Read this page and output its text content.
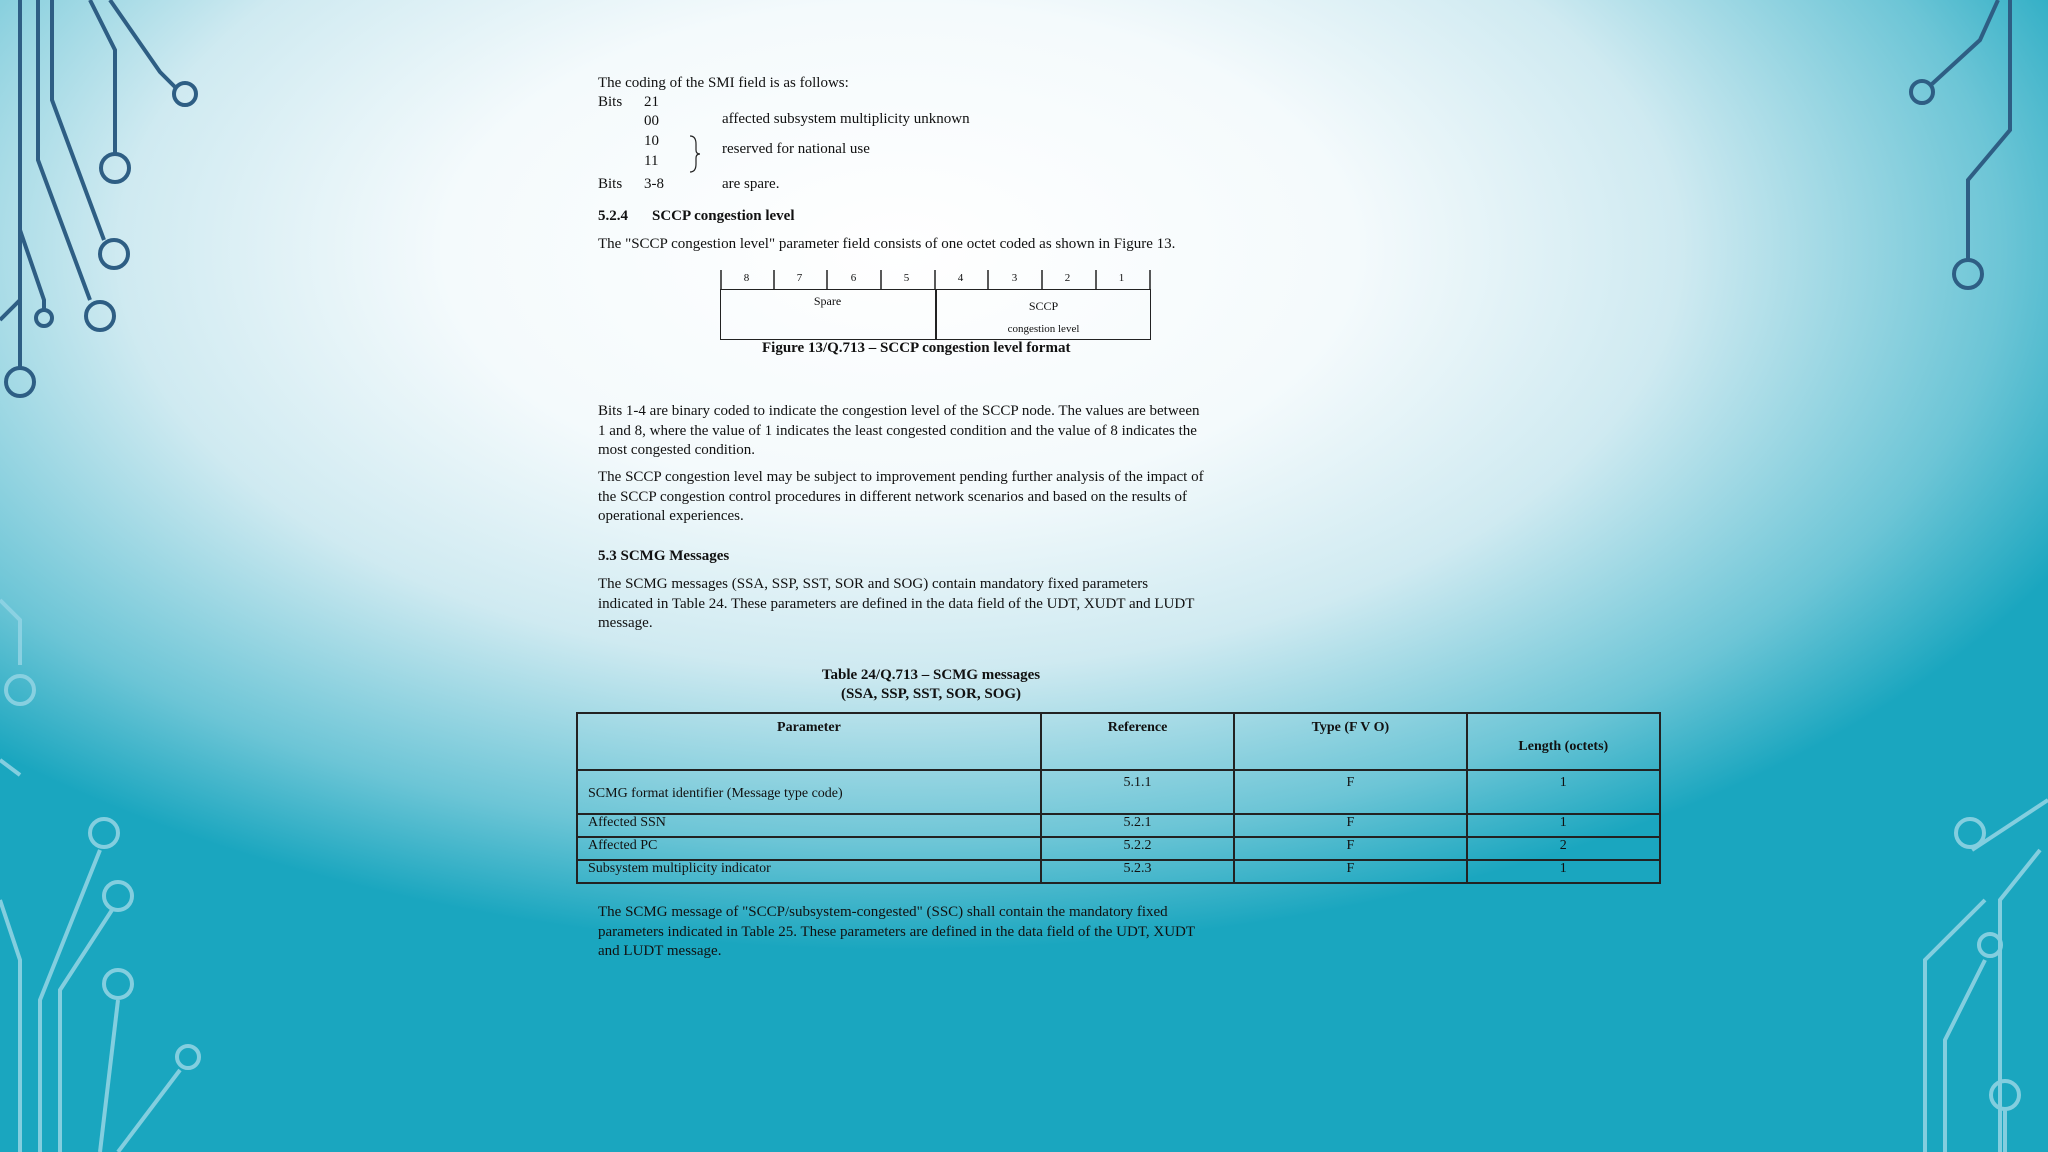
The coding of the SMI field is as follows:
Bits 21
00	affected subsystem multiplicity unknown
10
11
reserved for national use
Bits 3-8	are spare.
5.2.4 SCCP congestion level
The "SCCP congestion level" parameter field consists of one octet coded as shown in Figure 13.
8	7	6	5	4	3	2	1
Spare	SCCP
congestion level
Figure 13/Q.713 – SCCP congestion level format
Bits 1-4 are binary coded to indicate the congestion level of the SCCP node. The values are between
1 and 8, where the value of 1 indicates the least congested condition and the value of 8 indicates the
most congested condition.
The SCCP congestion level may be subject to improvement pending further analysis of the impact of
the SCCP congestion control procedures in different network scenarios and based on the results of
operational experiences.
5.3 SCMG Messages
The SCMG messages (SSA, SSP, SST, SOR and SOG) contain mandatory fixed parameters
indicated in Table 24. These parameters are defined in the data field of the UDT, XUDT and LUDT
message.
Table 24/Q.713 – SCMG messages
(SSA, SSP, SST, SOR, SOG)
Parameter	Reference	Type (F V O)	Length (octets)
SCMG format identifier (Message type code)	5.1.1	F	1
Affected SSN	5.2.1	F	1
Affected PC	5.2.2	F	2
Subsystem multiplicity indicator	5.2.3	F	1
The SCMG message of "SCCP/subsystem-congested" (SSC) shall contain the mandatory fixed
parameters indicated in Table 25. These parameters are defined in the data field of the UDT, XUDT
and LUDT message.
